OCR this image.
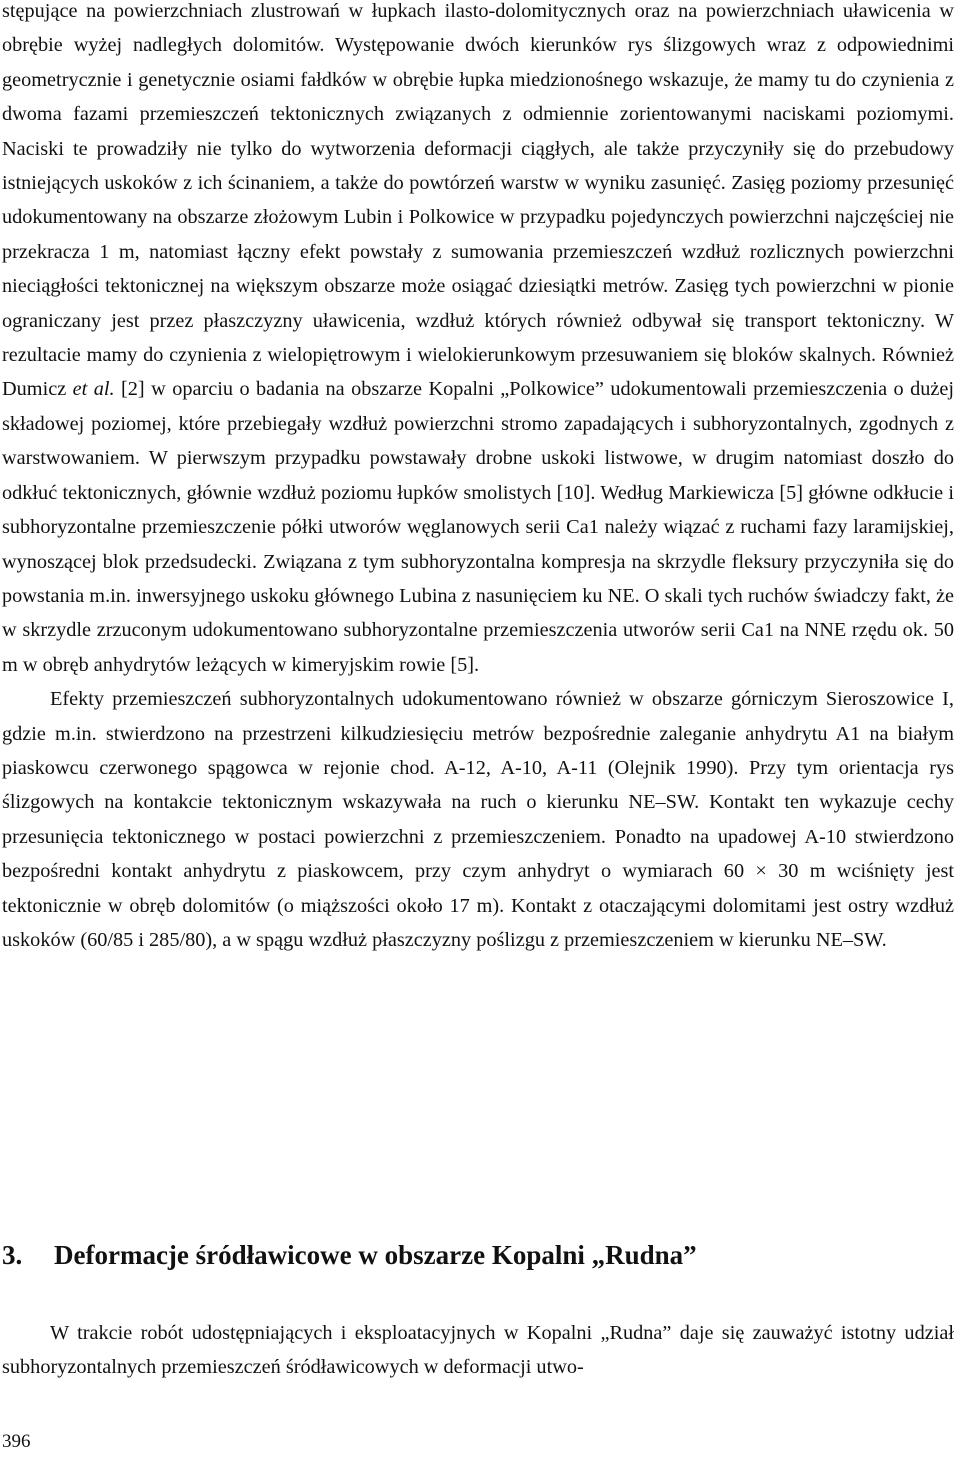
stępujące na powierzchniach zlustrowań w łupkach ilasto-dolomitycznych oraz na powierzchniach uławicenia w obrębie wyżej nadległych dolomitów. Występowanie dwóch kierunków rys ślizgowych wraz z odpowiednimi geometrycznie i genetycznie osiami fałdków w obrębie łupka miedzionośnego wskazuje, że mamy tu do czynienia z dwoma fazami przemieszczeń tektonicznych związanych z odmiennie zorientowanymi naciskami poziomymi. Naciski te prowadziły nie tylko do wytworzenia deformacji ciągłych, ale także przyczyniły się do przebudowy istniejących uskoków z ich ścinaniem, a także do powtórzeń warstw w wyniku zasunięć. Zasięg poziomy przesunięć udokumentowany na obszarze złożowym Lubin i Polkowice w przypadku pojedynczych powierzchni najczęściej nie przekracza 1 m, natomiast łączny efekt powstały z sumowania przemieszczeń wzdłuż rozlicznych powierzchni nieciągłości tektonicznej na większym obszarze może osiągać dziesiątki metrów. Zasięg tych powierzchni w pionie ograniczany jest przez płaszczyzny uławicenia, wzdłuż których również odbywał się transport tektoniczny. W rezultacie mamy do czynienia z wielopiętrowym i wielokierunkowym przesuwaniem się bloków skalnych. Również Dumicz et al. [2] w oparciu o badania na obszarze Kopalni „Polkowice” udokumentowali przemieszczenia o dużej składowej poziomej, które przebiegały wzdłuż powierzchni stromo zapadających i subhoryzontalnych, zgodnych z warstwowaniem. W pierwszym przypadku powstawały drobne uskoki listwowe, w drugim natomiast doszło do odkłuć tektonicznych, głównie wzdłuż poziomu łupków smolistych [10]. Według Markiewicza [5] główne odkłucie i subhoryzontalne przemieszczenie półki utworów węglanowych serii Ca1 należy wiązać z ruchami fazy laramijskiej, wynoszącej blok przedsudecki. Związana z tym subhoryzontalna kompresja na skrzydle fleksury przyczyniła się do powstania m.in. inwersyjnego uskoku głównego Lubina z nasunięciem ku NE. O skali tych ruchów świadczy fakt, że w skrzydle zrzuconym udokumentowano subhoryzontalne przemieszczenia utworów serii Ca1 na NNE rzędu ok. 50 m w obręb anhydrytów leżących w kimeryjskim rowie [5].

Efekty przemieszczeń subhoryzontalnych udokumentowano również w obszarze górniczym Sieroszowice I, gdzie m.in. stwierdzono na przestrzeni kilkudziesięciu metrów bezpośrednie zaleganie anhydrytu A1 na białym piaskowcu czerwonego spągowca w rejonie chod. A-12, A-10, A-11 (Olejnik 1990). Przy tym orientacja rys ślizgowych na kontakcie tektonicznym wskazywała na ruch o kierunku NE–SW. Kontakt ten wykazuje cechy przesunięcia tektonicznego w postaci powierzchni z przemieszczeniem. Ponadto na upadowej A-10 stwierdzono bezpośredni kontakt anhydrytu z piaskowcem, przy czym anhydryt o wymiarach 60 × 30 m wciśnięty jest tektonicznie w obręb dolomitów (o miąższości około 17 m). Kontakt z otaczającymi dolomitami jest ostry wzdłuż uskoków (60/85 i 285/80), a w spągu wzdłuż płaszczyzny poślizgu z przemieszczeniem w kierunku NE–SW.

3. Deformacje śródławicowe w obszarze Kopalni „Rudna”

W trakcie robót udostępniających i eksploatacyjnych w Kopalni „Rudna” daje się zauważyć istotny udział subhoryzontalnych przemieszczeń śródławicowych w deformacji utwo-

396
